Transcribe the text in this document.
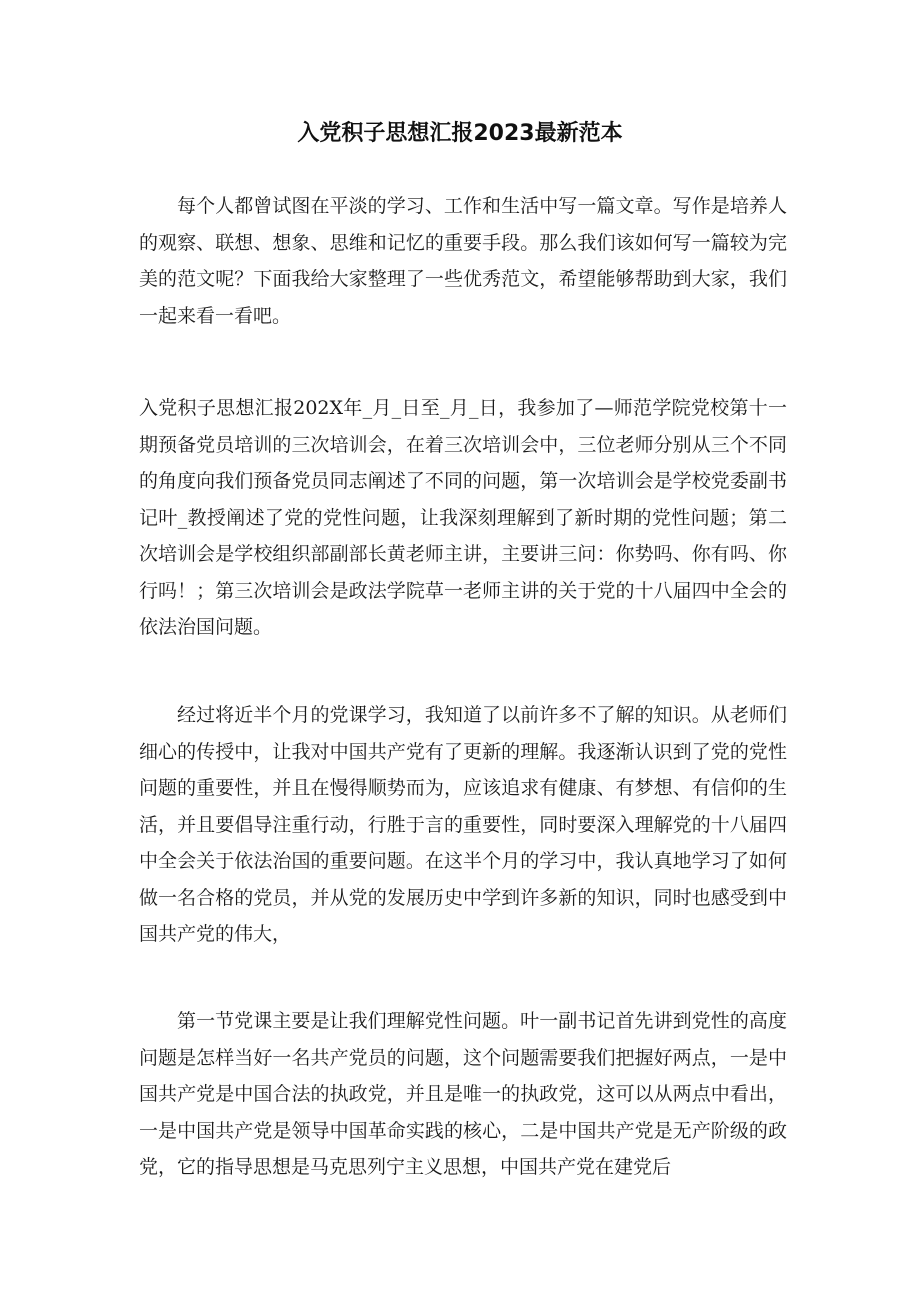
入党积子思想汇报2023最新范本

每个人都曾试图在平淡的学习、工作和生活中写一篇文章。写作是培养人的观察、联想、想象、思维和记忆的重要手段。那么我们该如何写一篇较为完美的范文呢？下面我给大家整理了一些优秀范文，希望能够帮助到大家，我们一起来看一看吧。

入党积子思想汇报202X年_月_日至_月_日，我参加了—师范学院党校第十一期预备党员培训的三次培训会，在着三次培训会中，三位老师分别从三个不同的角度向我们预备党员同志阐述了不同的问题，第一次培训会是学校党委副书记叶_教授阐述了党的党性问题，让我深刻理解到了新时期的党性问题；第二次培训会是学校组织部副部长黄老师主讲，主要讲三问：你势吗、你有吗、你行吗！；第三次培训会是政法学院草一老师主讲的关于党的十八届四中全会的依法治国问题。

经过将近半个月的党课学习，我知道了以前许多不了解的知识。从老师们细心的传授中，让我对中国共产党有了更新的理解。我逐渐认识到了党的党性问题的重要性，并且在慢得顺势而为，应该追求有健康、有梦想、有信仰的生活，并且要倡导注重行动，行胜于言的重要性，同时要深入理解党的十八届四中全会关于依法治国的重要问题。在这半个月的学习中，我认真地学习了如何做一名合格的党员，并从党的发展历史中学到许多新的知识，同时也感受到中国共产党的伟大，

第一节党课主要是让我们理解党性问题。叶一副书记首先讲到党性的高度问题是怎样当好一名共产党员的问题，这个问题需要我们把握好两点，一是中国共产党是中国合法的执政党，并且是唯一的执政党，这可以从两点中看出，一是中国共产党是领导中国革命实践的核心，二是中国共产党是无产阶级的政党，它的指导思想是马克思列宁主义思想，中国共产党在建党后
